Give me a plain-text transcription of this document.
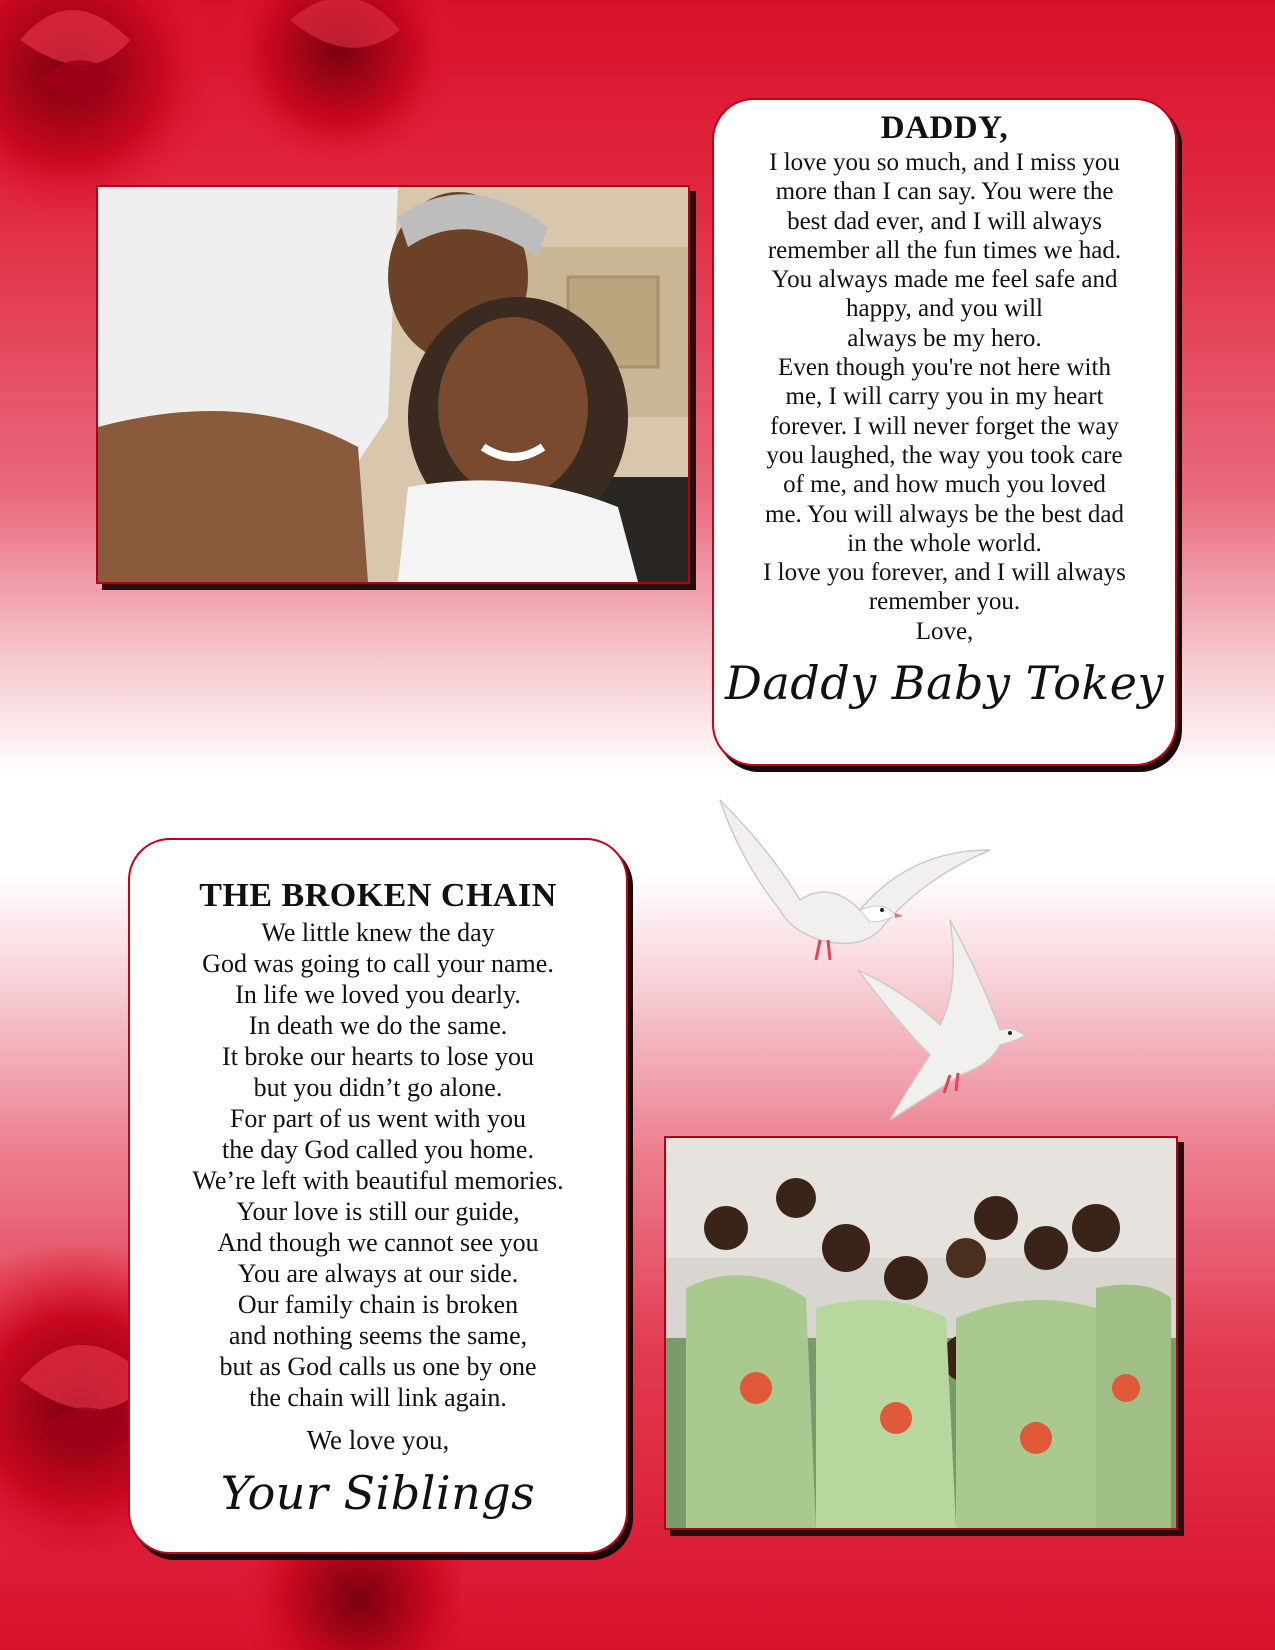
DADDY,
I love you so much, and I miss you
more than I can say. You were the
best dad ever, and I will always
remember all the fun times we had.
You always made me feel safe and
happy, and you will
always be my hero.
Even though you're not here with
me, I will carry you in my heart
forever. I will never forget the way
you laughed, the way you took care
of me, and how much you loved
me. You will always be the best dad
in the whole world.
I love you forever, and I will always
remember you.
Love,
Daddy Baby Tokey
THE BROKEN CHAIN
We little knew the day
God was going to call your name.
In life we loved you dearly.
In death we do the same.
It broke our hearts to lose you
but you didn’t go alone.
For part of us went with you
the day God called you home.
We’re left with beautiful memories.
Your love is still our guide,
And though we cannot see you
You are always at our side.
Our family chain is broken
and nothing seems the same,
but as God calls us one by one
the chain will link again.
We love you,
Your Siblings
